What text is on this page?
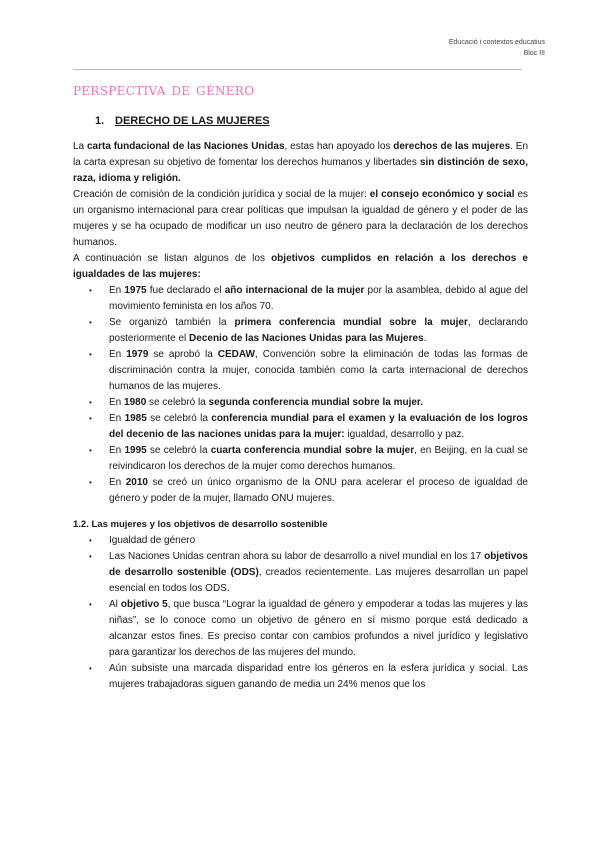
Educació i contextos educatius
Bloc III
perspectiva de género
1. DERECHO DE LAS MUJERES

La carta fundacional de las Naciones Unidas, estas han apoyado los derechos de las mujeres. En la carta expresan su objetivo de fomentar los derechos humanos y libertades sin distinción de sexo, raza, idioma y religión.

Creación de comisión de la condición jurídica y social de la mujer: el consejo económico y social es un organismo internacional para crear políticas que impulsan la igualdad de género y el poder de las mujeres y se ha ocupado de modificar un uso neutro de género para la declaración de los derechos humanos.

A continuación se listan algunos de los objetivos cumplidos en relación a los derechos e igualdades de las mujeres:

• En 1975 fue declarado el año internacional de la mujer por la asamblea, debido al ague del movimiento feminista en los años 70.
• Se organizó también la primera conferencia mundial sobre la mujer, declarando posteriormente el Decenio de las Naciones Unidas para las Mujeres.
• En 1979 se aprobó la CEDAW, Convención sobre la eliminación de todas las formas de discriminación contra la mujer, conocida también como la carta internacional de derechos humanos de las mujeres.
• En 1980 se celebró la segunda conferencia mundial sobre la mujer.
• En 1985 se celebró la conferencia mundial para el examen y la evaluación de los logros del decenio de las naciones unidas para la mujer: igualdad, desarrollo y paz.
• En 1995 se celebró la cuarta conferencia mundial sobre la mujer, en Beijing, en la cual se reivindicaron los derechos de la mujer como derechos humanos.
• En 2010 se creó un único organismo de la ONU para acelerar el proceso de igualdad de género y poder de la mujer, llamado ONU mujeres.

1.2. Las mujeres y los objetivos de desarrollo sostenible

• Igualdad de género
• Las Naciones Unidas centran ahora su labor de desarrollo a nivel mundial en los 17 objetivos de desarrollo sostenible (ODS), creados recientemente. Las mujeres desarrollan un papel esencial en todos los ODS.
• Al objetivo 5, que busca “Lograr la igualdad de género y empoderar a todas las mujeres y las niñas”, se lo conoce como un objetivo de género en sí mismo porque está dedicado a alcanzar estos fines. Es preciso contar con cambios profundos a nivel jurídico y legislativo para garantizar los derechos de las mujeres del mundo.
• Aún subsiste una marcada disparidad entre los géneros en la esfera jurídica y social. Las mujeres trabajadoras siguen ganando de media un 24% menos que los
